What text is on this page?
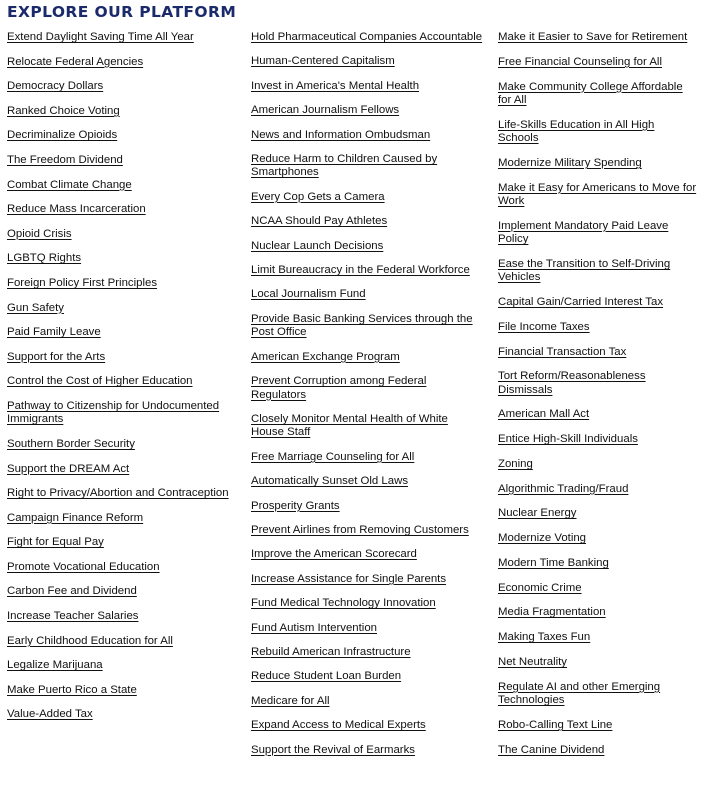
EXPLORE OUR PLATFORM
Extend Daylight Saving Time All Year
Relocate Federal Agencies
Democracy Dollars
Ranked Choice Voting
Decriminalize Opioids
The Freedom Dividend
Combat Climate Change
Reduce Mass Incarceration
Opioid Crisis
LGBTQ Rights
Foreign Policy First Principles
Gun Safety
Paid Family Leave
Support for the Arts
Control the Cost of Higher Education
Pathway to Citizenship for Undocumented Immigrants
Southern Border Security
Support the DREAM Act
Right to Privacy/Abortion and Contraception
Campaign Finance Reform
Fight for Equal Pay
Promote Vocational Education
Carbon Fee and Dividend
Increase Teacher Salaries
Early Childhood Education for All
Legalize Marijuana
Make Puerto Rico a State
Value-Added Tax
Hold Pharmaceutical Companies Accountable
Human-Centered Capitalism
Invest in America's Mental Health
American Journalism Fellows
News and Information Ombudsman
Reduce Harm to Children Caused by Smartphones
Every Cop Gets a Camera
NCAA Should Pay Athletes
Nuclear Launch Decisions
Limit Bureaucracy in the Federal Workforce
Local Journalism Fund
Provide Basic Banking Services through the Post Office
American Exchange Program
Prevent Corruption among Federal Regulators
Closely Monitor Mental Health of White House Staff
Free Marriage Counseling for All
Automatically Sunset Old Laws
Prosperity Grants
Prevent Airlines from Removing Customers
Improve the American Scorecard
Increase Assistance for Single Parents
Fund Medical Technology Innovation
Fund Autism Intervention
Rebuild American Infrastructure
Reduce Student Loan Burden
Medicare for All
Expand Access to Medical Experts
Support the Revival of Earmarks
Make it Easier to Save for Retirement
Free Financial Counseling for All
Make Community College Affordable for All
Life-Skills Education in All High Schools
Modernize Military Spending
Make it Easy for Americans to Move for Work
Implement Mandatory Paid Leave Policy
Ease the Transition to Self-Driving Vehicles
Capital Gain/Carried Interest Tax
File Income Taxes
Financial Transaction Tax
Tort Reform/Reasonableness Dismissals
American Mall Act
Entice High-Skill Individuals
Zoning
Algorithmic Trading/Fraud
Nuclear Energy
Modernize Voting
Modern Time Banking
Economic Crime
Media Fragmentation
Making Taxes Fun
Net Neutrality
Regulate AI and other Emerging Technologies
Robo-Calling Text Line
The Canine Dividend
